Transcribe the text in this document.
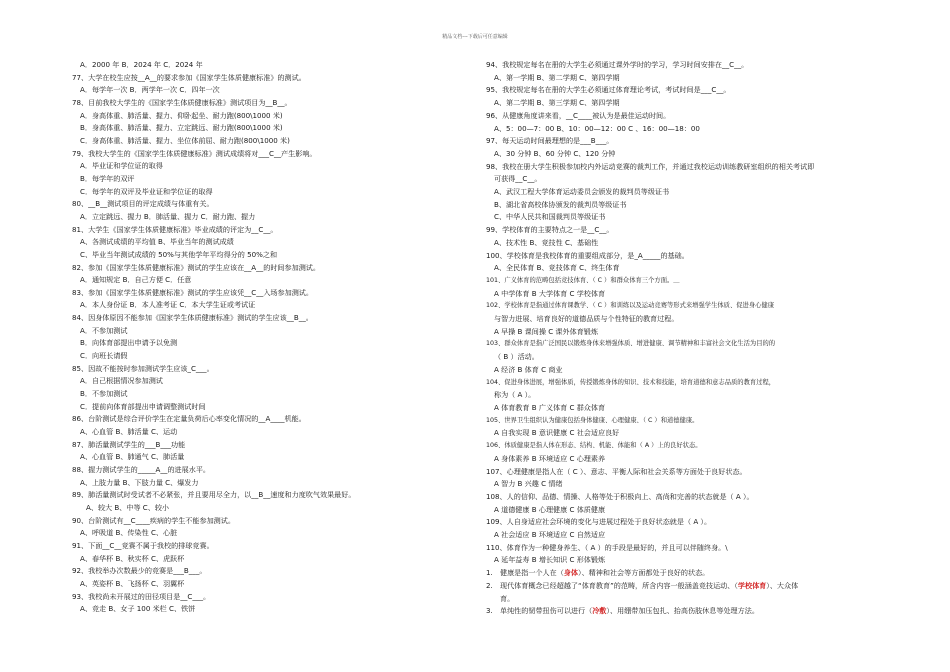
精品文档---下载后可任意编辑
A．2000 年 B．2024 年 C．2024 年
77、大学在校生应按__A__的要求参加《国家学生体质健康标准》的测试。
A．每学年一次 B．两学年一次 C．四年一次
78、目前我校大学生的《国家学生体质健康标准》测试项目为__B__。
A．身高体重、肺活量、握力、仰卧起坐、耐力跑(800\1000 米)
B．身高体重、肺活量、握力、立定跳远、耐力跑(800\1000 米)
C．身高体重、肺活量、握力、坐位体前屈、耐力跑(800\1000 米)
79、我校大学生的《国家学生体质健康标准》测试成绩将对___C__产生影响。
A．毕业证和学位证的取得
B．每学年的双评
C．每学年的双评及毕业证和学位证的取得
80、__B__测试项目的评定成绩与体重有关。
A．立定跳远、握力 B．肺活量、握力 C．耐力跑、握力
81、大学生《国家学生体质健康标准》毕业成绩的评定为__C__。
A、各测试成绩的平均值 B、毕业当年的测试成绩
C、毕业当年测试成绩的 50%与其他学年平均得分的 50%之和
82、参加《国家学生体质健康标准》测试的学生应该在__A__的时间参加测试。
A．通知规定 B．自己方便 C．任意
83、参加《国家学生体质健康标准》测试的学生应该凭__C__入场参加测试。
A．本人身份证 B．本人准考证 C．本大学生证或考试证
84、因身体原因不能参加《国家学生体质健康标准》测试的学生应该__B__。
A．不参加测试
B．向体育部提出申请予以免测
C．向班长请假
85、因故不能按时参加测试学生应该_C___。
A．自己根据情况参加测试
B．不参加测试
C．提前向体育部提出申请调整测试时间
86、台阶测试是综合评价学生在定量负荷后心率变化情况的__A____机能。
A、心血管 B、肺活量 C、运动
87、肺活量测试学生的___B___功能
A、心血管 B、肺通气 C、肺活量
88、握力测试学生的_____A__的进展水平。
A、上肢力量 B、下肢力量 C、爆发力
89、肺活量测试时受试者不必紧张，并且要用尽全力，以__B__速度和力度吹气效果最好。
A、较大 B、中等 C、较小
90、台阶测试有__C____疾病的学生不能参加测试。
A、呼吸道 B、传染性 C、心脏
91、下面__C__竞赛不属于我校的排球竞赛。
A、春华杯 B、秋实杯 C、虎跃杯
92、我校举办次数最少的竞赛是___B___。
A、英姿杯 B、飞扬杯 C、羽翼杯
93、我校尚未开展过的田径项目是__C___。
A、竞走 B、女子 100 米栏 C、铁饼
94、我校规定每名在册的大学生必须通过课外学时的学习，学习时间安排在__C__。
A、第一学期 B、第二学期 C、第四学期
95、我校规定每名在册的大学生必须通过体育理论考试，考试时间是___C__。
A、第二学期 B、第三学期 C、第四学期
96、从健康角度讲来看，__C____被认为是最佳运动时间。
A、5：00—7：00 B、10：00—12：00 C 、16：00—18：00
97、每天运动时间最理想的是___B___。
A、30 分钟 B、60 分钟 C、120 分钟
98、我校在册大学生积极参加校内外运动竞赛的裁判工作，并通过我校运动训练教研室组织的相关考试即
可获得__C__。
A、武汉工程大学体育运动委员会颁发的裁判员等级证书
B、湖北省高校体协颁发的裁判员等级证书
C、中华人民共和国裁判员等级证书
99、学校体育的主要特点之一是__C__。
A、技术性 B、竞技性 C、基础性
100、学校体育是我校体育的重要组成部分，是_A_____的基础。
A、全民体育 B、竞技体育 C、终生体育
101、广义体育的范畴包括竞技体育、（ C ）和群众体育三个方面。＿
A 中学体育 B 大学体育 C 学校体育
102、学校体育是指通过体育课教学、（ C ）和训练以及运动竞赛等形式来增强学生体质、促进身心健康
与智力进展、培育良好的道德品质与个性特征的教育过程。
A 早操 B 课间操 C 课外体育锻炼
103、群众体育是指广泛国民以锻炼身体来增强体质、增进健康、调节精神和丰富社会文化生活为目的的
（ B ）活动。
A 经济 B 体育 C 商业
104、促进身体进展，增强体质，传授锻炼身体的知识、技术和技能，培育道德和意志品质的教育过程，
称为（ A ）。
A 体育教育 B 广义体育 C 群众体育
105、世界卫生组织认为健康包括身体健康、心理健康、（ C ）和道德健康。
A 自我实现 B 意识健康 C 社会适应良好
106、体质健康是指人体在形态、结构、机能、体能和（ A ）上的良好状态。
A 身体素养 B 环境适应 C 心理素养
107、心理健康是指人在（ C ）、意志、平衡人际和社会关系等方面处于良好状态。
A 智力 B 兴趣 C 情绪
108、人的信仰、品德、情操、人格等处于积极向上、高尚和完善的状态就是（ A ）。
A 道德健康 B 心理健康 C 体质健康
109、人自身适应社会环境的变化与进展过程处于良好状态就是（ A ）。
A 社会适应 B 环境适应 C 自然适应
110、体育作为一种健身养生、（ A ）的手段是最好的，并且可以伴随终身。\
A 延年益寿 B 增长知识 C 形体锻炼
1. 健康是指一个人在（身体）、精神和社会等方面都处于良好的状态。
2. 现代体育概念已经超越了“体育教育”的范畴，所含内容一般涵盖竞技运动、（学校体育）、大众体
育。
3. 单纯性的韧带扭伤可以进行（冷敷）、用绷带加压包扎、抬高伤肢休息等处理方法。
